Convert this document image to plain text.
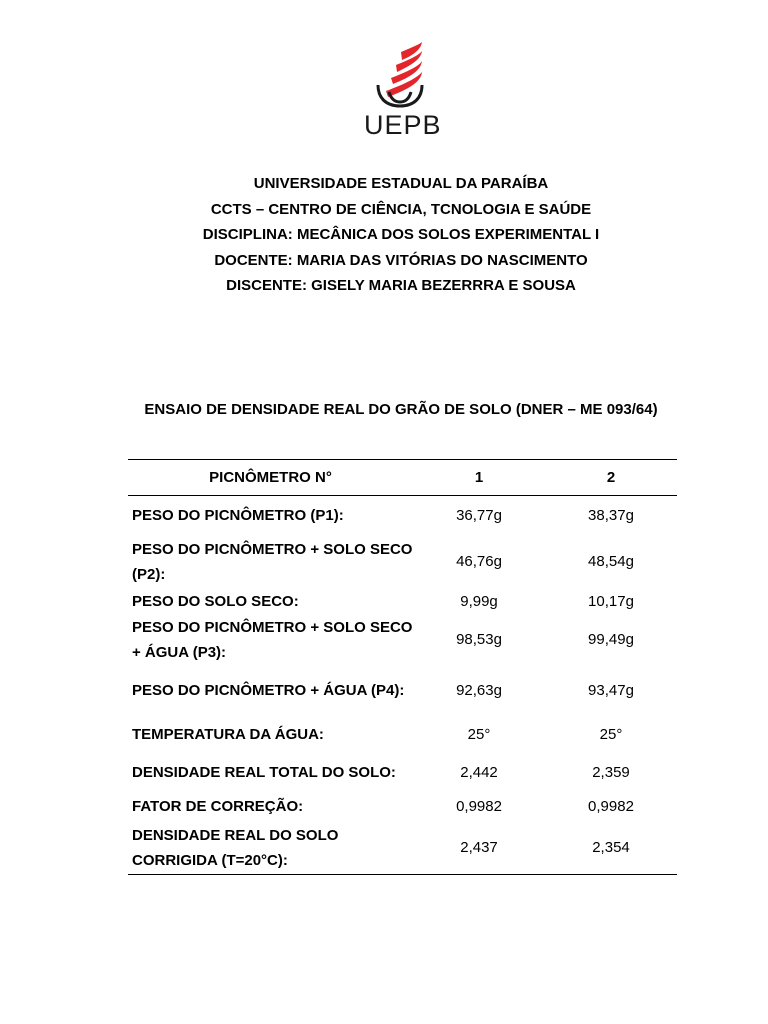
UEPB
UNIVERSIDADE ESTADUAL DA PARAÍBA
CCTS – CENTRO DE CIÊNCIA, TCNOLOGIA E SAÚDE
DISCIPLINA: MECÂNICA DOS SOLOS EXPERIMENTAL I
DOCENTE: MARIA DAS VITÓRIAS DO NASCIMENTO
DISCENTE: GISELY MARIA BEZERRRA E SOUSA
ENSAIO DE DENSIDADE REAL DO GRÃO DE SOLO (DNER – ME 093/64)
PICNÔMETRO N°	1	2
PESO DO PICNÔMETRO (P1):	36,77g	38,37g
PESO DO PICNÔMETRO + SOLO SECO (P2):	46,76g	48,54g
PESO DO SOLO SECO:	9,99g	10,17g
PESO DO PICNÔMETRO + SOLO SECO + ÁGUA (P3):	98,53g	99,49g
PESO DO PICNÔMETRO + ÁGUA (P4):	92,63g	93,47g
TEMPERATURA DA ÁGUA:	25°	25°
DENSIDADE REAL TOTAL DO SOLO:	2,442	2,359
FATOR DE CORREÇÃO:	0,9982	0,9982
DENSIDADE REAL DO SOLO CORRIGIDA (T=20°C):	2,437	2,354
